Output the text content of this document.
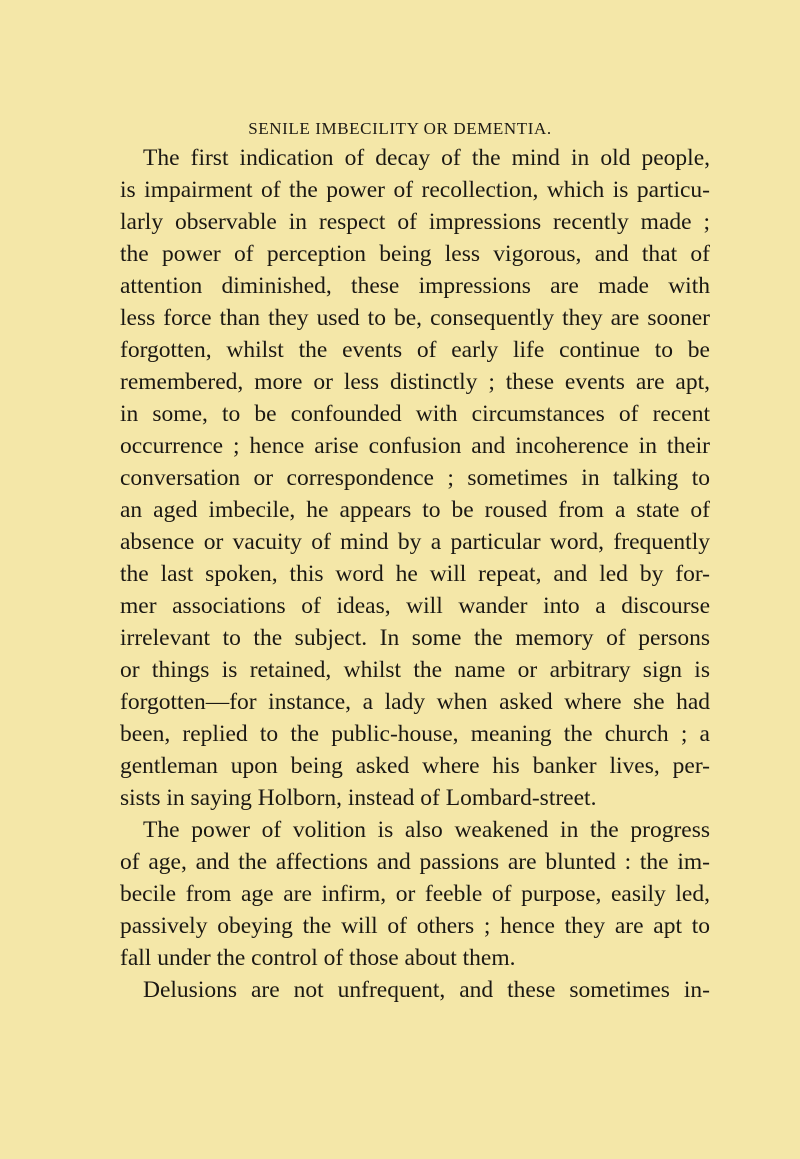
SENILE IMBECILITY OR DEMENTIA.

The first indication of decay of the mind in old people,

is impairment of the power of recollection, which is particu-

larly observable in respect of impressions recently made ;

the power of perception being less vigorous, and that of

attention diminished, these impressions are made with

less force than they used to be, consequently they are sooner

forgotten, whilst the events of early life continue to be

remembered, more or less distinctly ; these events are apt,

in some, to be confounded with circumstances of recent

occurrence ; hence arise confusion and incoherence in their

conversation or correspondence ; sometimes in talking to

an aged imbecile, he appears to be roused from a state of

absence or vacuity of mind by a particular word, frequently

the last spoken, this word he will repeat, and led by for-

mer associations of ideas, will wander into a discourse

irrelevant to the subject. In some the memory of persons

or things is retained, whilst the name or arbitrary sign is

forgotten—for instance, a lady when asked where she had

been, replied to the public-house, meaning the church ; a

gentleman upon being asked where his banker lives, per-

sists in saying Holborn, instead of Lombard-street.

The power of volition is also weakened in the progress

of age, and the affections and passions are blunted : the im-

becile from age are infirm, or feeble of purpose, easily led,

passively obeying the will of others ; hence they are apt to

fall under the control of those about them.

Delusions are not unfrequent, and these sometimes in-
